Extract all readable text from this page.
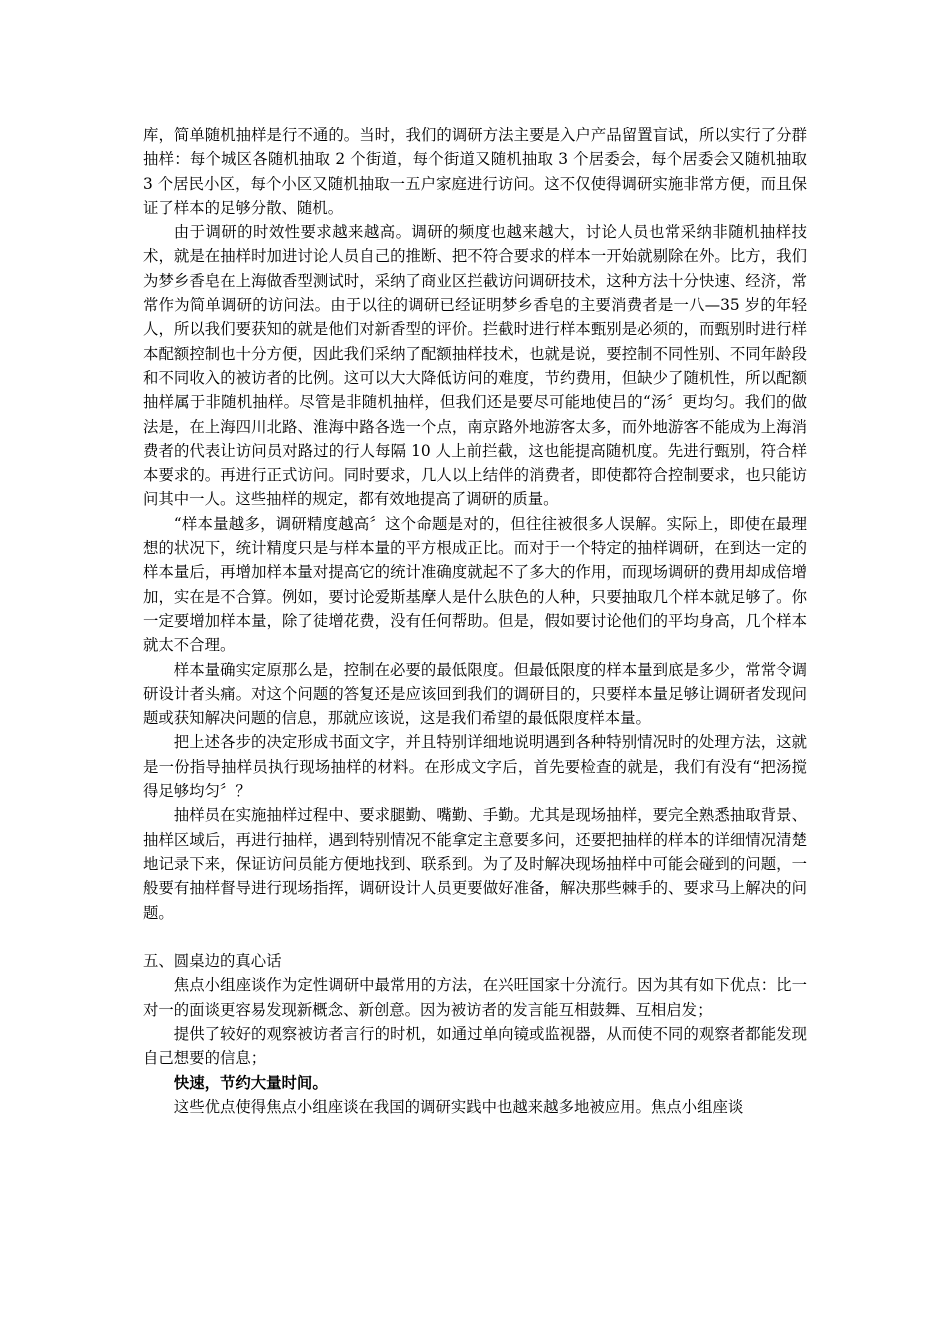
库，简单随机抽样是行不通的。当时，我们的调研方法主要是入户产品留置盲试，所以实行了分群抽样：每个城区各随机抽取 2 个街道，每个街道又随机抽取 3 个居委会，每个居委会又随机抽取 3 个居民小区，每个小区又随机抽取一五户家庭进行访问。这不仅使得调研实施非常方便，而且保证了样本的足够分散、随机。

由于调研的时效性要求越来越高。调研的频度也越来越大，讨论人员也常采纳非随机抽样技术，就是在抽样时加进讨论人员自己的推断、把不符合要求的样本一开始就剔除在外。比方，我们为梦乡香皂在上海做香型测试时，采纳了商业区拦截访问调研技术，这种方法十分快速、经济，常常作为简单调研的访问法。由于以往的调研已经证明梦乡香皂的主要消费者是一八—35 岁的年轻人，所以我们要获知的就是他们对新香型的评价。拦截时进行样本甄别是必须的，而甄别时进行样本配额控制也十分方便，因此我们采纳了配额抽样技术，也就是说，要控制不同性别、不同年龄段和不同收入的被访者的比例。这可以大大降低访问的难度，节约费用，但缺少了随机性，所以配额抽样属于非随机抽样。尽管是非随机抽样，但我们还是要尽可能地使吕的“汤〞更均匀。我们的做法是，在上海四川北路、淮海中路各选一个点，南京路外地游客太多，而外地游客不能成为上海消费者的代表让访问员对路过的行人每隔 10 人上前拦截，这也能提高随机度。先进行甄别，符合样本要求的。再进行正式访问。同时要求，几人以上结伴的消费者，即使都符合控制要求，也只能访问其中一人。这些抽样的规定，都有效地提高了调研的质量。

“样本量越多，调研精度越高〞这个命题是对的，但往往被很多人误解。实际上，即使在最理想的状况下，统计精度只是与样本量的平方根成正比。而对于一个特定的抽样调研，在到达一定的样本量后，再增加样本量对提高它的统计准确度就起不了多大的作用，而现场调研的费用却成倍增加，实在是不合算。例如，要讨论爱斯基摩人是什么肤色的人种，只要抽取几个样本就足够了。你一定要增加样本量，除了徒增花费，没有任何帮助。但是，假如要讨论他们的平均身高，几个样本就太不合理。

样本量确实定原那么是，控制在必要的最低限度。但最低限度的样本量到底是多少，常常令调研设计者头痛。对这个问题的答复还是应该回到我们的调研目的，只要样本量足够让调研者发现问题或获知解决问题的信息，那就应该说，这是我们希望的最低限度样本量。

把上述各步的决定形成书面文字，并且特别详细地说明遇到各种特别情况时的处理方法，这就是一份指导抽样员执行现场抽样的材料。在形成文字后，首先要检查的就是，我们有没有“把汤搅得足够均匀〞？

抽样员在实施抽样过程中、要求腿勤、嘴勤、手勤。尤其是现场抽样，要完全熟悉抽取背景、抽样区域后，再进行抽样，遇到特别情况不能拿定主意要多问，还要把抽样的样本的详细情况清楚地记录下来，保证访问员能方便地找到、联系到。为了及时解决现场抽样中可能会碰到的问题，一般要有抽样督导进行现场指挥，调研设计人员更要做好准备，解决那些棘手的、要求马上解决的问题。

五、圆桌边的真心话

焦点小组座谈作为定性调研中最常用的方法，在兴旺国家十分流行。因为其有如下优点：比一对一的面谈更容易发现新概念、新创意。因为被访者的发言能互相鼓舞、互相启发；

提供了较好的观察被访者言行的时机，如通过单向镜或监视器，从而使不同的观察者都能发现自己想要的信息；

快速，节约大量时间。

这些优点使得焦点小组座谈在我国的调研实践中也越来越多地被应用。焦点小组座谈
